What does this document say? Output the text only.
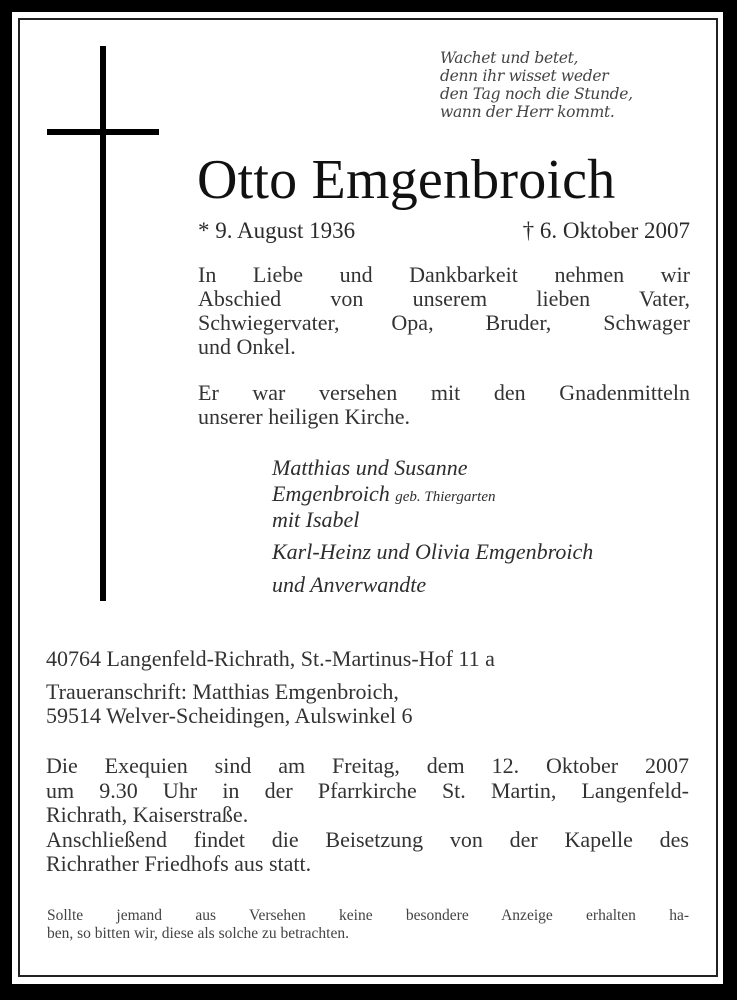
Wachet und betet,
denn ihr wisset weder
den Tag noch die Stunde,
wann der Herr kommt.
Otto Emgenbroich
* 9. August 1936	† 6. Oktober 2007
In Liebe und Dankbarkeit nehmen wir
Abschied von unserem lieben Vater,
Schwiegervater, Opa, Bruder, Schwager
und Onkel.
Er war versehen mit den Gnadenmitteln
unserer heiligen Kirche.
Matthias und Susanne
Emgenbroich geb. Thiergarten
mit Isabel
Karl-Heinz und Olivia Emgenbroich
und Anverwandte
40764 Langenfeld-Richrath, St.-Martinus-Hof 11 a
Traueranschrift: Matthias Emgenbroich,
59514 Welver-Scheidingen, Aulswinkel 6
Die Exequien sind am Freitag, dem 12. Oktober 2007
um 9.30 Uhr in der Pfarrkirche St. Martin, Langenfeld-
Richrath, Kaiserstraße.
Anschließend findet die Beisetzung von der Kapelle des
Richrather Friedhofs aus statt.
Sollte jemand aus Versehen keine besondere Anzeige erhalten ha-
ben, so bitten wir, diese als solche zu betrachten.
